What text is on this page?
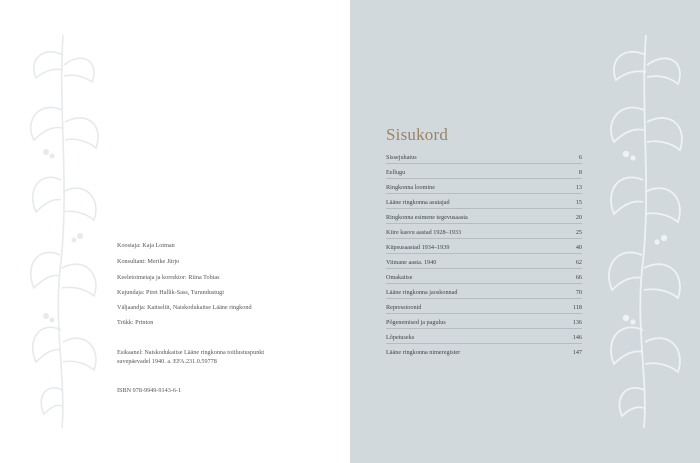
Koostaja: Kaja Lotman
Konsultant: Merike Jürjo
Keeletoimetaja ja korrektor: Riina Tobias
Kujundaja: Piret Hallik-Sass, Turundustugi
Väljaandja: Kaitseliit, Naiskodukaitse Lääne ringkond
Trükk: Printon
Esikaanel: Naiskodukaitse Lääne ringkonna toitlustuspunkt
suvepäevadel 1940. a. EFA.231.0.59778
ISBN 978-9949-9143-6-1
Sisukord
Sissejuhatus	6
Eellugu	8
Ringkonna loomine	13
Lääne ringkonna asutajad	15
Ringkonna esimene tegevusaasta	20
Kiire kasvu aastad 1928–1933	25
Küpsusaastad 1934–1939	40
Viimane aasta. 1940	62
Omakaitse	66
Lääne ringkonna jaoskonnad	70
Repressioonid	118
Põgenemised ja pagulus	136
Lõpetuseks	146
Lääne ringkonna nimeregister	147
